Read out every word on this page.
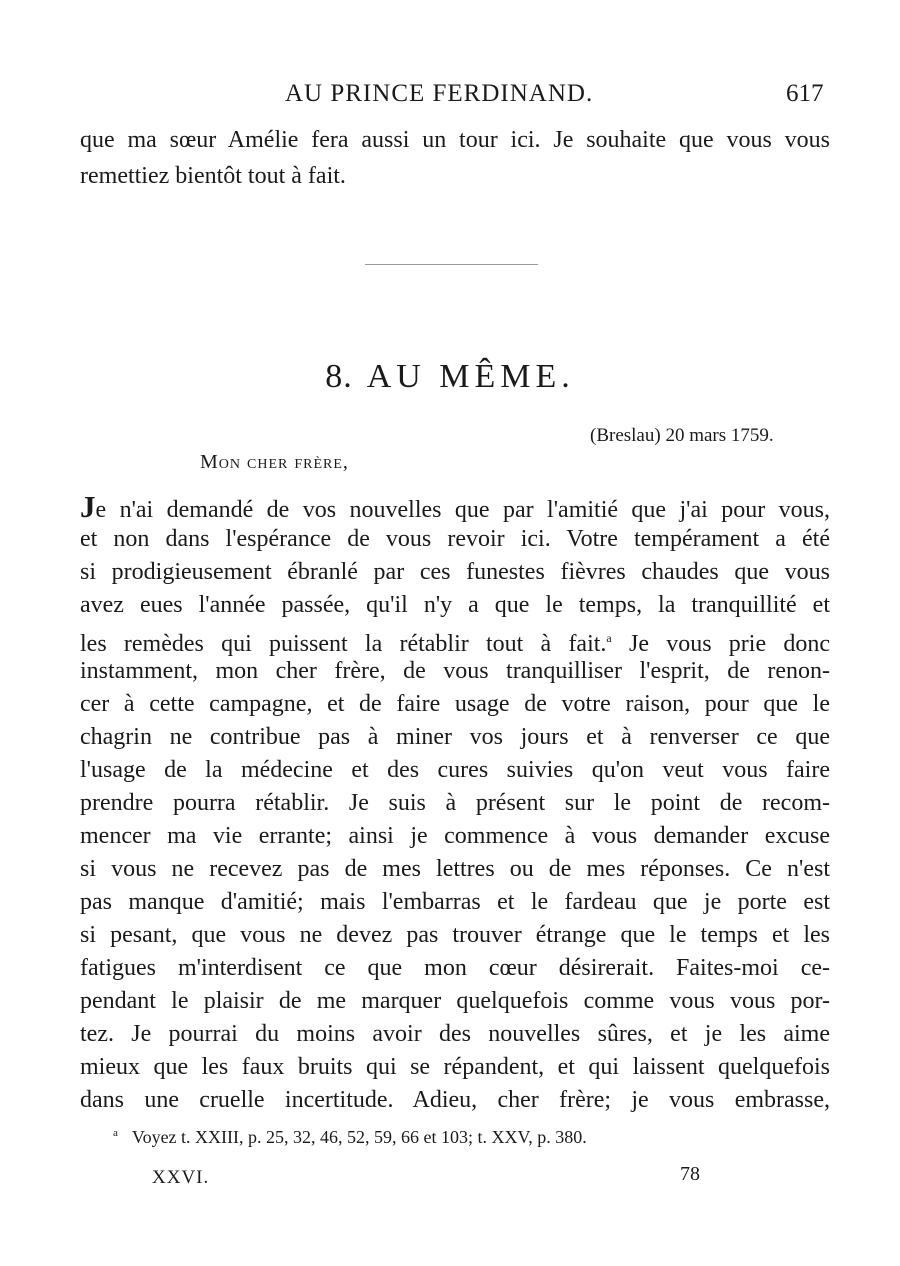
AU PRINCE FERDINAND.	617
que ma sœur Amélie fera aussi un tour ici. Je souhaite que vous vous
remettiez bientôt tout à fait.
8. AU MÊME.
(Breslau) 20 mars 1759.
Mon cher frère,
Je n'ai demandé de vos nouvelles que par l'amitié que j'ai pour vous,
et non dans l'espérance de vous revoir ici. Votre tempérament a été
si prodigieusement ébranlé par ces funestes fièvres chaudes que vous
avez eues l'année passée, qu'il n'y a que le temps, la tranquillité et
les remèdes qui puissent la rétablir tout à fait.$^a$ Je vous prie donc
instamment, mon cher frère, de vous tranquilliser l'esprit, de renon-
cer à cette campagne, et de faire usage de votre raison, pour que le
chagrin ne contribue pas à miner vos jours et à renverser ce que
l'usage de la médecine et des cures suivies qu'on veut vous faire
prendre pourra rétablir. Je suis à présent sur le point de recom-
mencer ma vie errante; ainsi je commence à vous demander excuse
si vous ne recevez pas de mes lettres ou de mes réponses. Ce n'est
pas manque d'amitié; mais l'embarras et le fardeau que je porte est
si pesant, que vous ne devez pas trouver étrange que le temps et les
fatigues m'interdisent ce que mon cœur désirerait. Faites-moi ce-
pendant le plaisir de me marquer quelquefois comme vous vous por-
tez. Je pourrai du moins avoir des nouvelles sûres, et je les aime
mieux que les faux bruits qui se répandent, et qui laissent quelquefois
dans une cruelle incertitude. Adieu, cher frère; je vous embrasse,
$^a$ Voyez t. XXIII, p. 25, 32, 46, 52, 59, 66 et 103; t. XXV, p. 380.
XXVI.	78
